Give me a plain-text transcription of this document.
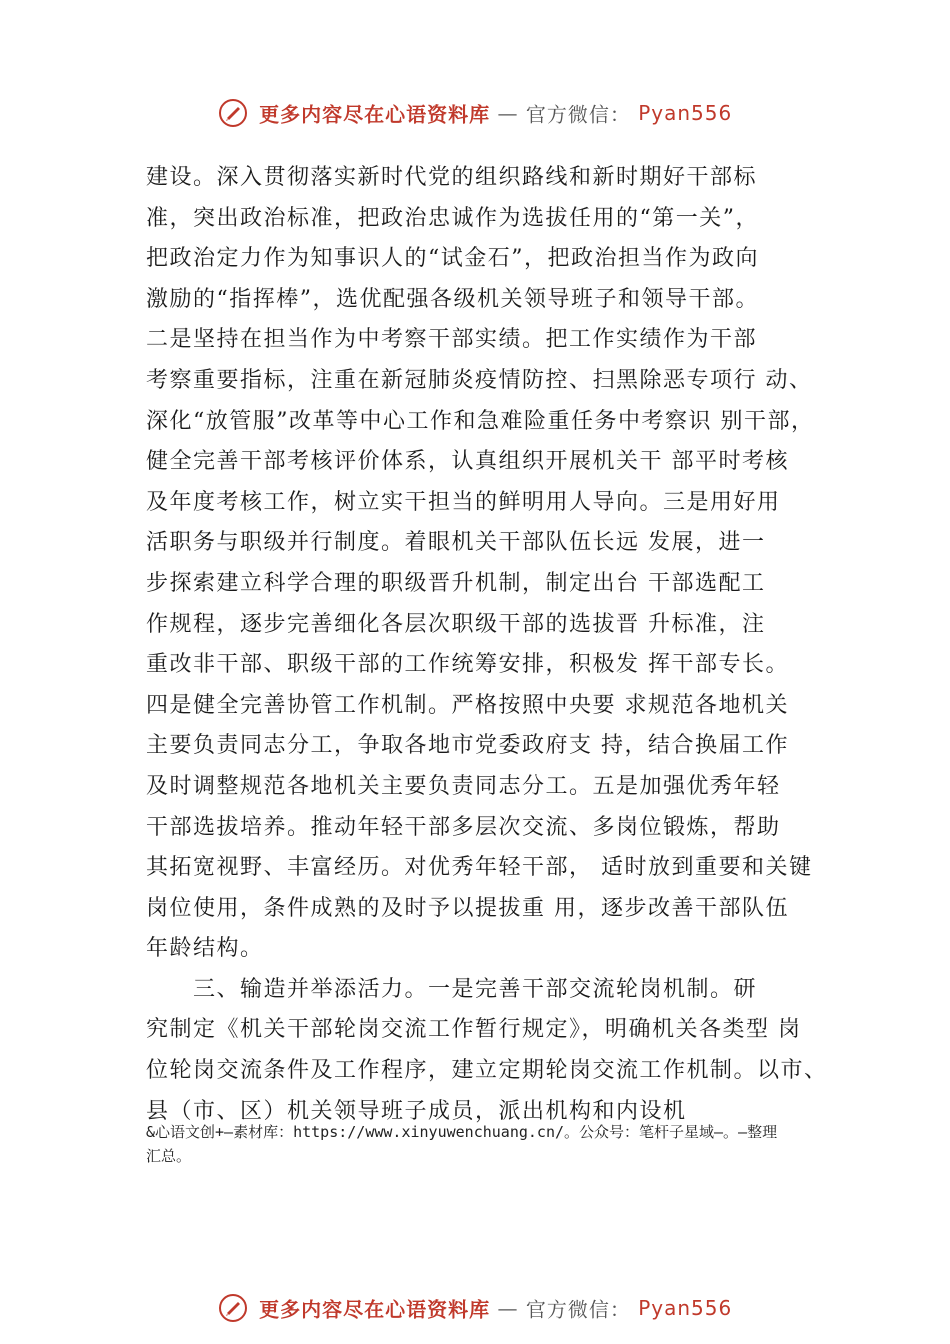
更多内容尽在心语资料库 — 官方微信： Pyan556
建设。深入贯彻落实新时代党的组织路线和新时期好干部标
准，突出政治标准，把政治忠诚作为选拔任用的“第一关”，
把政治定力作为知事识人的“试金石”，把政治担当作为政向
激励的“指挥棒”，选优配强各级机关领导班子和领导干部。
二是坚持在担当作为中考察干部实绩。把工作实绩作为干部
考察重要指标，注重在新冠肺炎疫情防控、扫黑除恶专项行 动、
深化“放管服”改革等中心工作和急难险重任务中考察识 别干部，
健全完善干部考核评价体系，认真组织开展机关干 部平时考核
及年度考核工作，树立实干担当的鲜明用人导向。三是用好用
活职务与职级并行制度。着眼机关干部队伍长远 发展，进一
步探索建立科学合理的职级晋升机制，制定出台 干部选配工
作规程，逐步完善细化各层次职级干部的选拔晋 升标准，注
重改非干部、职级干部的工作统筹安排，积极发 挥干部专长。
四是健全完善协管工作机制。严格按照中央要 求规范各地机关
主要负责同志分工，争取各地市党委政府支 持，结合换届工作
及时调整规范各地机关主要负责同志分工。五是加强优秀年轻
干部选拔培养。推动年轻干部多层次交流、多岗位锻炼，帮助
其拓宽视野、丰富经历。对优秀年轻干部， 适时放到重要和关键
岗位使用，条件成熟的及时予以提拔重 用，逐步改善干部队伍
年龄结构。
　　三、输造并举添活力。一是完善干部交流轮岗机制。研
究制定《机关干部轮岗交流工作暂行规定》，明确机关各类型 岗
位轮岗交流条件及工作程序，建立定期轮岗交流工作机制。以市、
县（市、区）机关领导班子成员，派出机构和内设机
&心语文创+—素材库：https://www.xinyuwenchuang.cn/。公众号：笔杆子星域—。—整理
汇总。
更多内容尽在心语资料库 — 官方微信： Pyan556
